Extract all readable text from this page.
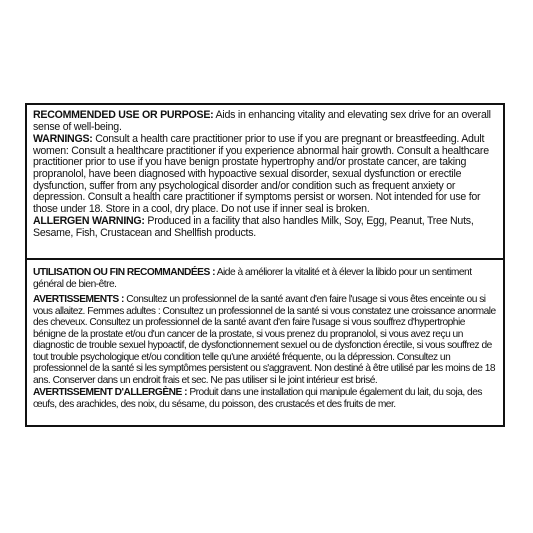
RECOMMENDED USE OR PURPOSE: Aids in enhancing vitality and elevating sex drive for an overall sense of well-being.

WARNINGS: Consult a health care practitioner prior to use if you are pregnant or breastfeeding. Adult women: Consult a healthcare practitioner if you experience abnormal hair growth. Consult a healthcare practitioner prior to use if you have benign prostate hypertrophy and/or prostate cancer, are taking propranolol, have been diagnosed with hypoactive sexual disorder, sexual dysfunction or erectile dysfunction, suffer from any psychological disorder and/or condition such as frequent anxiety or depression. Consult a health care practitioner if symptoms persist or worsen. Not intended for use for those under 18. Store in a cool, dry place. Do not use if inner seal is broken.

ALLERGEN WARNING: Produced in a facility that also handles Milk, Soy, Egg, Peanut, Tree Nuts, Sesame, Fish, Crustacean and Shellfish products.

UTILISATION OU FIN RECOMMANDÉES : Aide à améliorer la vitalité et à élever la libido pour un sentiment général de bien-être.

AVERTISSEMENTS : Consultez un professionnel de la santé avant d'en faire l'usage si vous êtes enceinte ou si vous allaitez. Femmes adultes : Consultez un professionnel de la santé si vous constatez une croissance anormale des cheveux. Consultez un professionnel de la santé avant d'en faire l'usage si vous souffrez d'hypertrophie bénigne de la prostate et/ou d'un cancer de la prostate, si vous prenez du propranolol, si vous avez reçu un diagnostic de trouble sexuel hypoactif, de dysfonctionnement sexuel ou de dysfonction érectile, si vous souffrez de tout trouble psychologique et/ou condition telle qu'une anxiété fréquente, ou la dépression. Consultez un professionnel de la santé si les symptômes persistent ou s'aggravent. Non destiné à être utilisé par les moins de 18 ans. Conserver dans un endroit frais et sec. Ne pas utiliser si le joint intérieur est brisé.

AVERTISSEMENT D'ALLERGÈNE : Produit dans une installation qui manipule également du lait, du soja, des œufs, des arachides, des noix, du sésame, du poisson, des crustacés et des fruits de mer.
